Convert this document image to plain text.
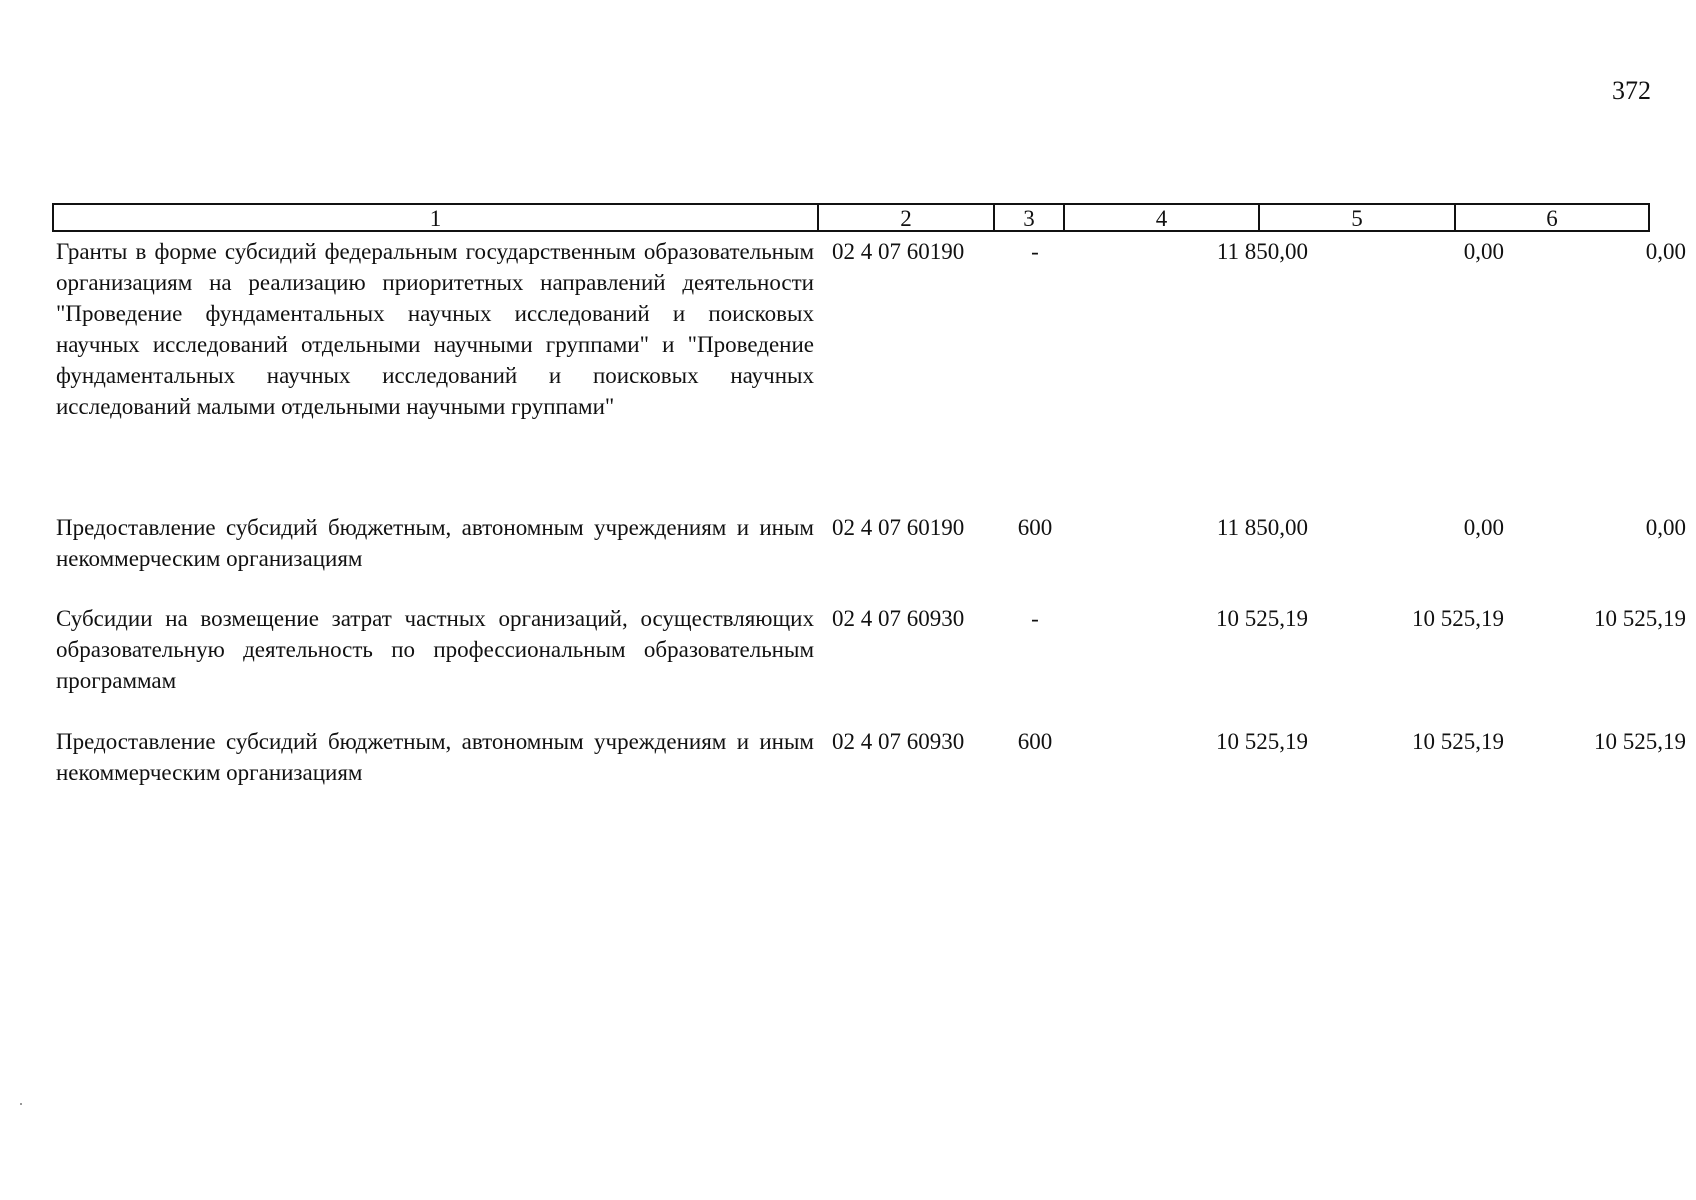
372
1	2	3	4	5	6
Гранты в форме субсидий федеральным государственным образовательным организациям на реализацию приоритетных направлений деятельности "Проведение фундаментальных научных исследований и поисковых научных исследований отдельными научными группами" и "Проведение фундаментальных научных исследований и поисковых научных исследований малыми отдельными научными группами"
02 4 07 60190	-	11 850,00	0,00	0,00
Предоставление субсидий бюджетным, автономным учреждениям и иным некоммерческим организациям
02 4 07 60190	600	11 850,00	0,00	0,00
Субсидии на возмещение затрат частных организаций, осуществляющих образовательную деятельность по профессиональным образовательным программам
02 4 07 60930	-	10 525,19	10 525,19	10 525,19
Предоставление субсидий бюджетным, автономным учреждениям и иным некоммерческим организациям
02 4 07 60930	600	10 525,19	10 525,19	10 525,19
